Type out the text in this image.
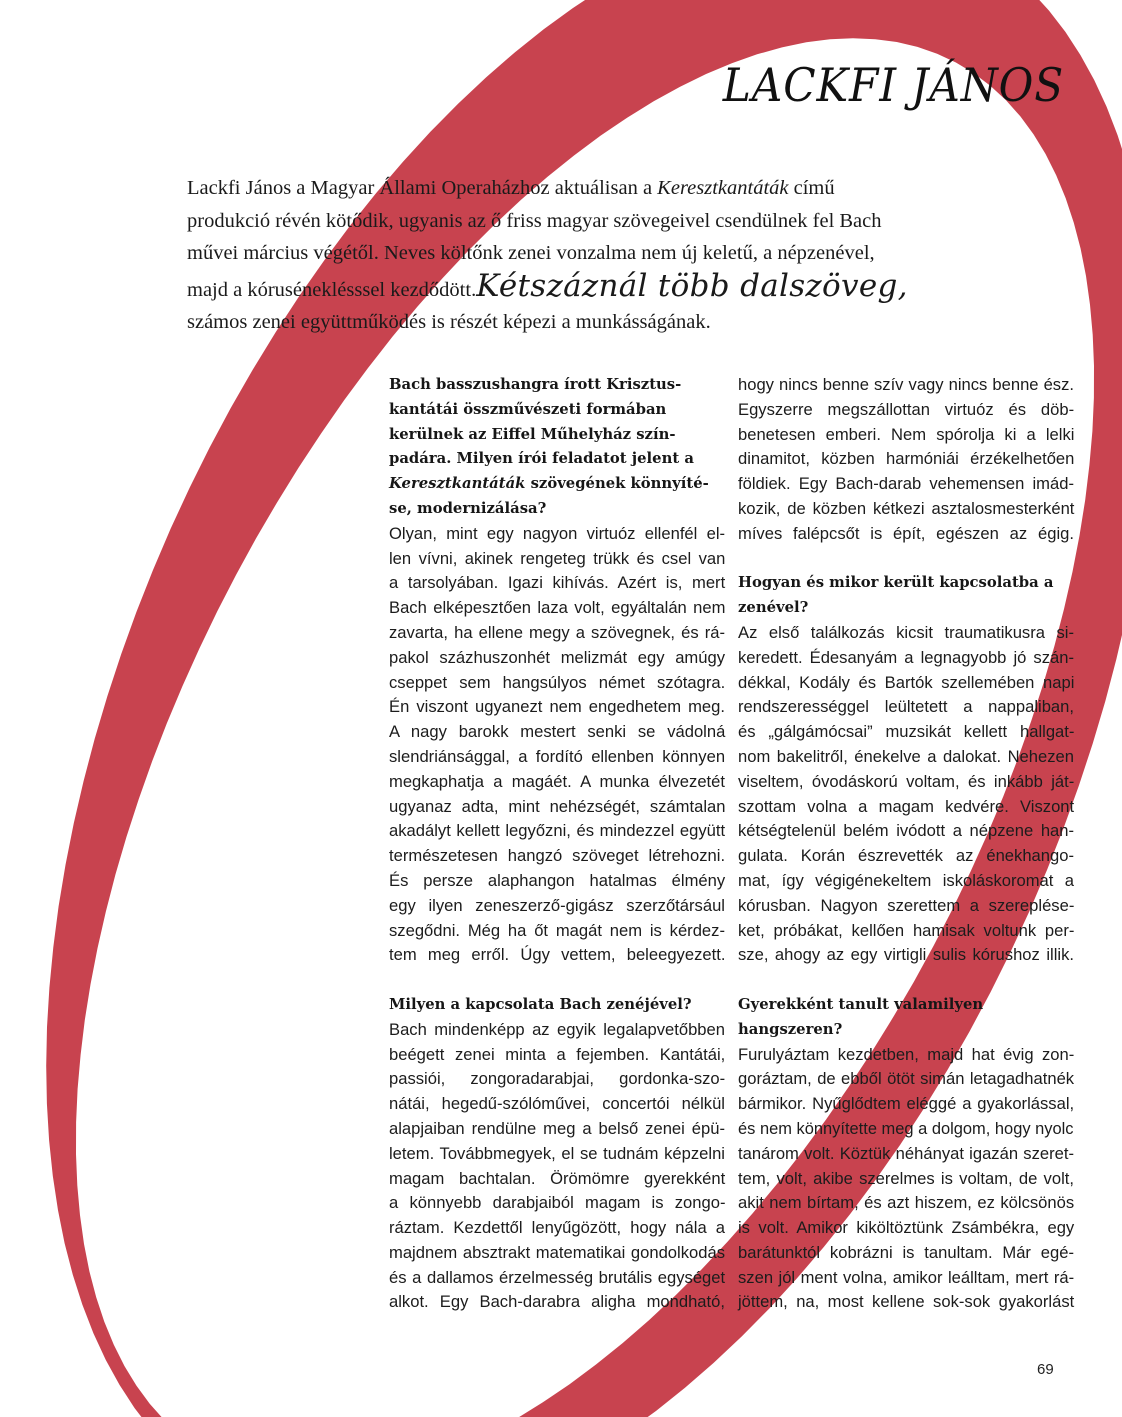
LACKFI JÁNOS
Lackfi János a Magyar Állami Operaházhoz aktuálisan a Keresztkantáták című
produkció révén kötődik, ugyanis az ő friss magyar szövegeivel csendülnek fel Bach
művei március végétől. Neves költőnk zenei vonzalma nem új keletű, a népzenével,
majd a kóruséneklésssel kezdődött.Kétszáznál több dalszöveg,
számos zenei együttműködés is részét képezi a munkásságának.
Bach basszushangra írott Krisztus-
kantátái összművészeti formában
kerülnek az Eiffel Műhelyház szín-
padára. Milyen írói feladatot jelent a
Keresztkantáták szövegének könnyíté-
se, modernizálása?
Olyan, mint egy nagyon virtuóz ellenfél el-
len vívni, akinek rengeteg trükk és csel van
a tarsolyában. Igazi kihívás. Azért is, mert
Bach elképesztően laza volt, egyáltalán nem
zavarta, ha ellene megy a szövegnek, és rá-
pakol százhuszonhét melizmát egy amúgy
cseppet sem hangsúlyos német szótagra.
Én viszont ugyanezt nem engedhetem meg.
A nagy barokk mestert senki se vádolná
slendriánsággal, a fordító ellenben könnyen
megkaphatja a magáét. A munka élvezetét
ugyanaz adta, mint nehézségét, számtalan
akadályt kellett legyőzni, és mindezzel együtt
természetesen hangzó szöveget létrehozni.
És persze alaphangon hatalmas élmény
egy ilyen zeneszerző-gigász szerzőtársául
szegődni. Még ha őt magát nem is kérdez-
tem meg erről. Úgy vettem, beleegyezett.
Milyen a kapcsolata Bach zenéjével?
Bach mindenképp az egyik legalapvetőbben
beégett zenei minta a fejemben. Kantátái,
passiói, zongoradarabjai, gordonka-szo-
nátái, hegedű-szólóművei, concertói nélkül
alapjaiban rendülne meg a belső zenei épü-
letem. Továbbmegyek, el se tudnám képzelni
magam bachtalan. Örömömre gyerekként
a könnyebb darabjaiból magam is zongo-
ráztam. Kezdettől lenyűgözött, hogy nála a
majdnem absztrakt matematikai gondolkodás
és a dallamos érzelmesség brutális egységet
alkot. Egy Bach-darabra aligha mondható,
hogy nincs benne szív vagy nincs benne ész.
Egyszerre megszállottan virtuóz és döb-
benetesen emberi. Nem spórolja ki a lelki
dinamitot, közben harmóniái érzékelhetően
földiek. Egy Bach-darab vehemensen imád-
kozik, de közben kétkezi asztalosmesterként
míves falépcsőt is épít, egészen az égig.
Hogyan és mikor került kapcsolatba a
zenével?
Az első találkozás kicsit traumatikusra si-
keredett. Édesanyám a legnagyobb jó szán-
dékkal, Kodály és Bartók szellemében napi
rendszerességgel leültetett a nappaliban,
és „gálgámócsai” muzsikát kellett hallgat-
nom bakelitről, énekelve a dalokat. Nehezen
viseltem, óvodáskorú voltam, és inkább ját-
szottam volna a magam kedvére. Viszont
kétségtelenül belém ivódott a népzene han-
gulata. Korán észrevették az énekhango-
mat, így végigénekeltem iskoláskoromat a
kórusban. Nagyon szerettem a szereplése-
ket, próbákat, kellően hamisak voltunk per-
sze, ahogy az egy virtigli sulis kórushoz illik.
Gyerekként tanult valamilyen
hangszeren?
Furulyáztam kezdetben, majd hat évig zon-
goráztam, de ebből ötöt simán letagadhatnék
bármikor. Nyűglődtem eléggé a gyakorlással,
és nem könnyítette meg a dolgom, hogy nyolc
tanárom volt. Köztük néhányat igazán szeret-
tem, volt, akibe szerelmes is voltam, de volt,
akit nem bírtam, és azt hiszem, ez kölcsönös
is volt. Amikor kiköltöztünk Zsámbékra, egy
barátunktól kobrázni is tanultam. Már egé-
szen jól ment volna, amikor leálltam, mert rá-
jöttem, na, most kellene sok-sok gyakorlást
69
